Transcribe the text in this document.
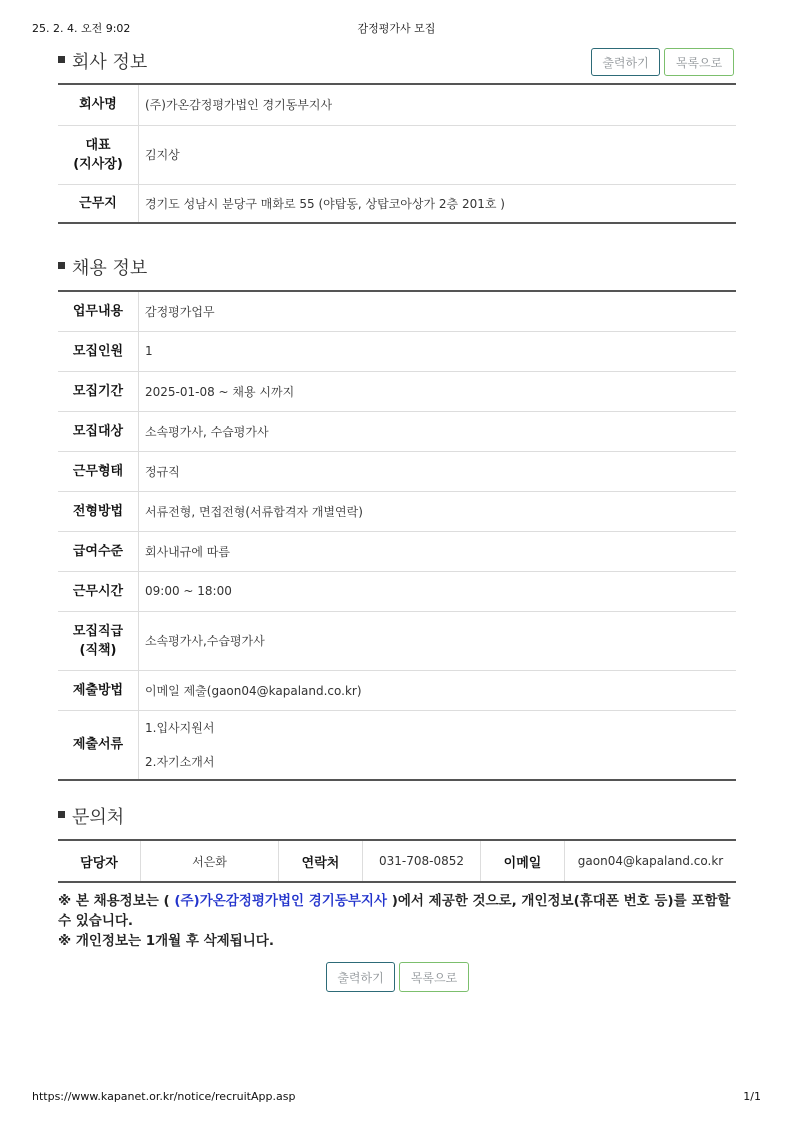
25. 2. 4. 오전 9:02	감정평가사 모집
회사 정보	출력하기	목록으로
회사명	(주)가온감정평가법인 경기동부지사

대표
(지사장)	김지상
근무지	경기도 성남시 분당구 매화로 55 (야탑동, 상탑코아상가 2층 201호 )
채용 정보
업무내용	감정평가업무
모집인원	1
모집기간	2025-01-08 ~ 채용 시까지
모집대상	소속평가사, 수습평가사
근무형태	정규직
전형방법	서류전형, 면접전형(서류합격자 개별연락)
급여수준	회사내규에 따름
근무시간	09:00 ~ 18:00

모집직급
(직책)	소속평가사,수습평가사
제출방법	이메일 제출(gaon04@kapaland.co.kr)
제출서류	1.입사지원서
2.자기소개서
문의처
담당자	서은화	연락처	031-708-0852	이메일	gaon04@kapaland.co.kr
※ 본 채용정보는 ( (주)가온감정평가법인 경기동부지사 )에서 제공한 것으로, 개인정보(휴대폰 번호 등)를 포함할 수 있습니다.
※ 개인정보는 1개월 후 삭제됩니다.
출력하기	목록으로
https://www.kapanet.or.kr/notice/recruitApp.asp	1/1
